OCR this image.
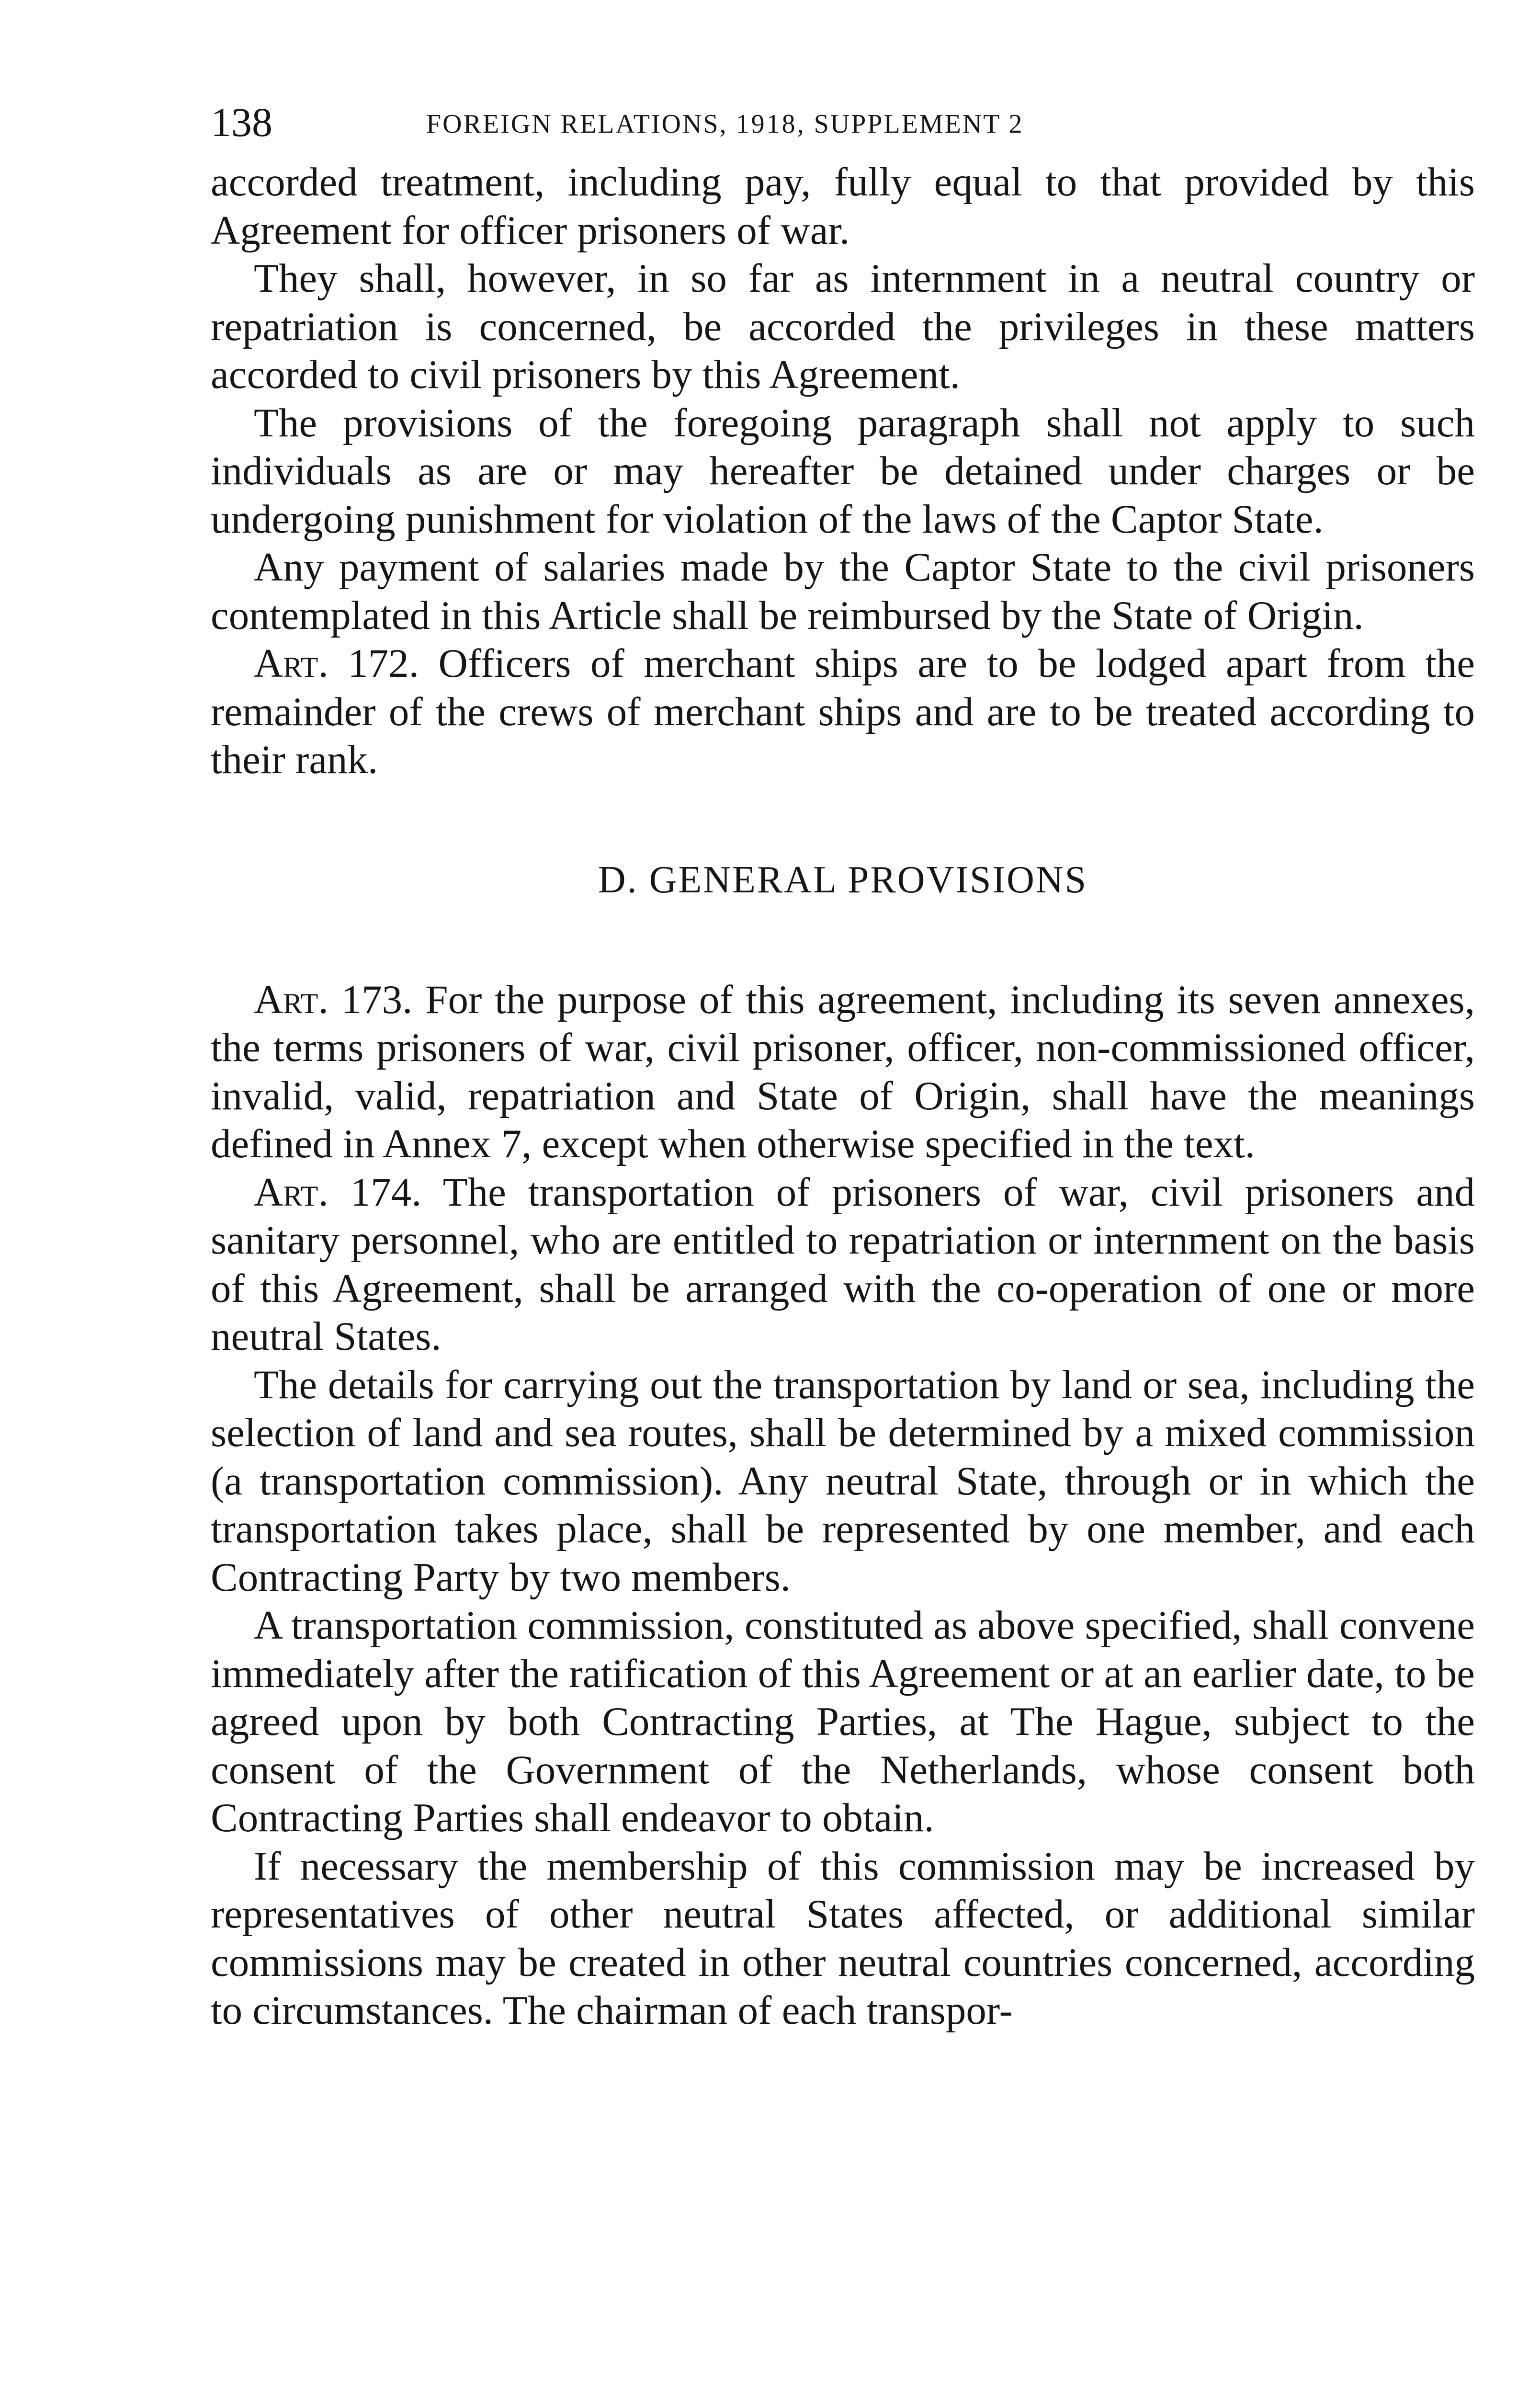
138	FOREIGN RELATIONS, 1918, SUPPLEMENT 2

accorded treatment, including pay, fully equal to that provided by this Agreement for officer prisoners of war.

They shall, however, in so far as internment in a neutral country or repatriation is concerned, be accorded the privileges in these matters accorded to civil prisoners by this Agreement.

The provisions of the foregoing paragraph shall not apply to such individuals as are or may hereafter be detained under charges or be undergoing punishment for violation of the laws of the Captor State.

Any payment of salaries made by the Captor State to the civil prisoners contemplated in this Article shall be reimbursed by the State of Origin.

Art. 172. Officers of merchant ships are to be lodged apart from the remainder of the crews of merchant ships and are to be treated according to their rank.

D. GENERAL PROVISIONS

Art. 173. For the purpose of this agreement, including its seven annexes, the terms prisoners of war, civil prisoner, officer, non-commissioned officer, invalid, valid, repatriation and State of Origin, shall have the meanings defined in Annex 7, except when otherwise specified in the text.

Art. 174. The transportation of prisoners of war, civil prisoners and sanitary personnel, who are entitled to repatriation or internment on the basis of this Agreement, shall be arranged with the co-operation of one or more neutral States.

The details for carrying out the transportation by land or sea, including the selection of land and sea routes, shall be determined by a mixed commission (a transportation commission). Any neutral State, through or in which the transportation takes place, shall be represented by one member, and each Contracting Party by two members.

A transportation commission, constituted as above specified, shall convene immediately after the ratification of this Agreement or at an earlier date, to be agreed upon by both Contracting Parties, at The Hague, subject to the consent of the Government of the Netherlands, whose consent both Contracting Parties shall endeavor to obtain.

If necessary the membership of this commission may be increased by representatives of other neutral States affected, or additional similar commissions may be created in other neutral countries concerned, according to circumstances. The chairman of each transpor-
